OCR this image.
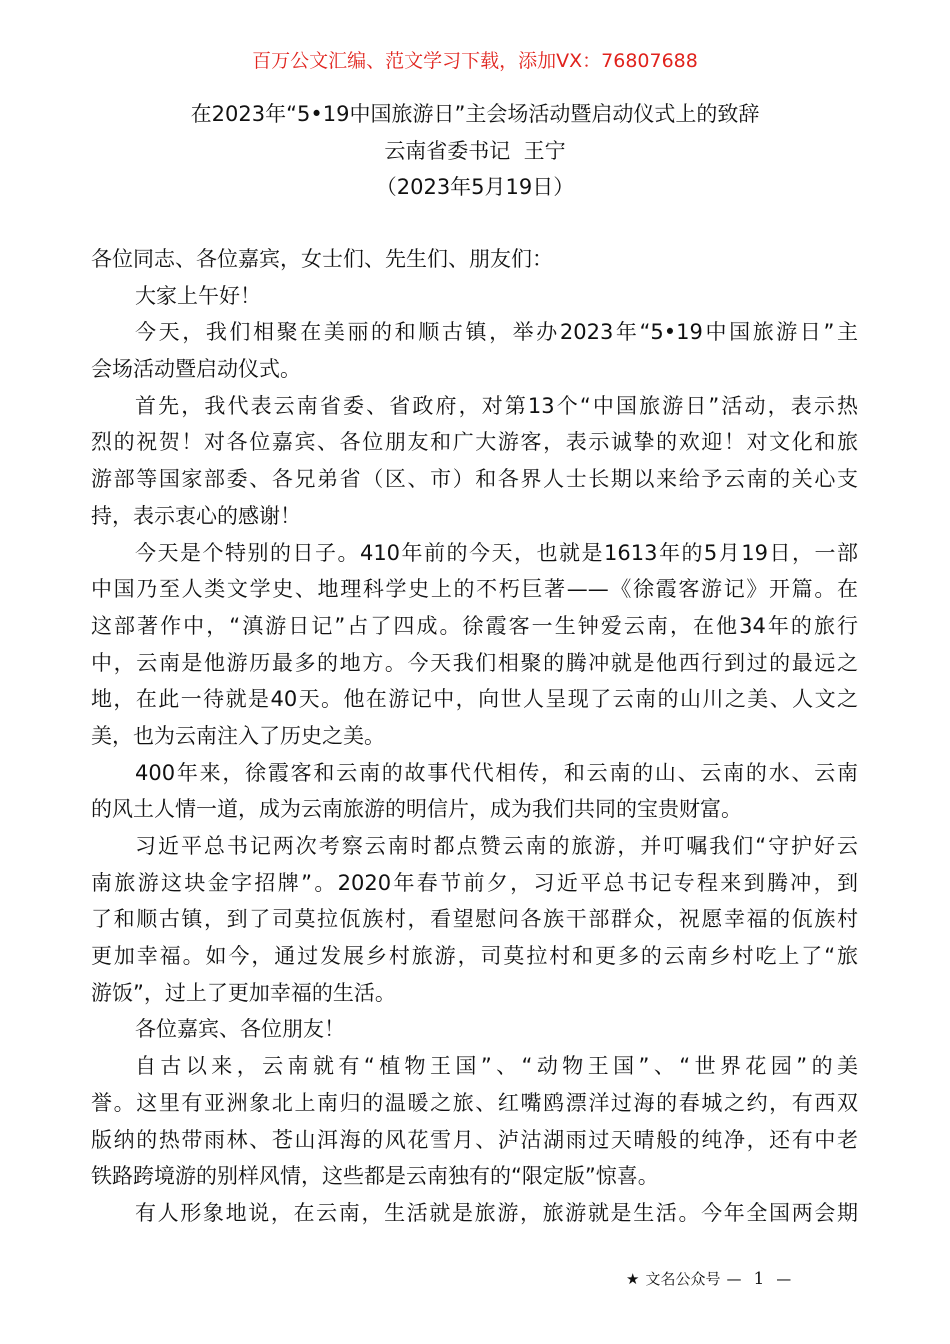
百万公文汇编、范文学习下载，添加VX：76807688
在2023年“5•19中国旅游日”主会场活动暨启动仪式上的致辞
云南省委书记  王宁
（2023年5月19日）
各位同志、各位嘉宾，女士们、先生们、朋友们：
大家上午好！
今天，我们相聚在美丽的和顺古镇，举办2023年“5•19中国旅游日”主
会场活动暨启动仪式。
首先，我代表云南省委、省政府，对第13个“中国旅游日”活动，表示热
烈的祝贺！对各位嘉宾、各位朋友和广大游客，表示诚挚的欢迎！对文化和旅
游部等国家部委、各兄弟省（区、市）和各界人士长期以来给予云南的关心支
持，表示衷心的感谢！
今天是个特别的日子。410年前的今天，也就是1613年的5月19日，一部
中国乃至人类文学史、地理科学史上的不朽巨著——《徐霞客游记》开篇。在
这部著作中，“滇游日记”占了四成。徐霞客一生钟爱云南，在他34年的旅行
中，云南是他游历最多的地方。今天我们相聚的腾冲就是他西行到过的最远之
地，在此一待就是40天。他在游记中，向世人呈现了云南的山川之美、人文之
美，也为云南注入了历史之美。
400年来，徐霞客和云南的故事代代相传，和云南的山、云南的水、云南
的风土人情一道，成为云南旅游的明信片，成为我们共同的宝贵财富。
习近平总书记两次考察云南时都点赞云南的旅游，并叮嘱我们“守护好云
南旅游这块金字招牌”。2020年春节前夕，习近平总书记专程来到腾冲，到
了和顺古镇，到了司莫拉佤族村，看望慰问各族干部群众，祝愿幸福的佤族村
更加幸福。如今，通过发展乡村旅游，司莫拉村和更多的云南乡村吃上了“旅
游饭”，过上了更加幸福的生活。
各位嘉宾、各位朋友！
自古以来，云南就有“植物王国”、“动物王国”、“世界花园”的美
誉。这里有亚洲象北上南归的温暖之旅、红嘴鸥漂洋过海的春城之约，有西双
版纳的热带雨林、苍山洱海的风花雪月、泸沽湖雨过天晴般的纯净，还有中老
铁路跨境游的别样风情，这些都是云南独有的“限定版”惊喜。
有人形象地说，在云南，生活就是旅游，旅游就是生活。今年全国两会期
★ 文名公众号 — 1 —
